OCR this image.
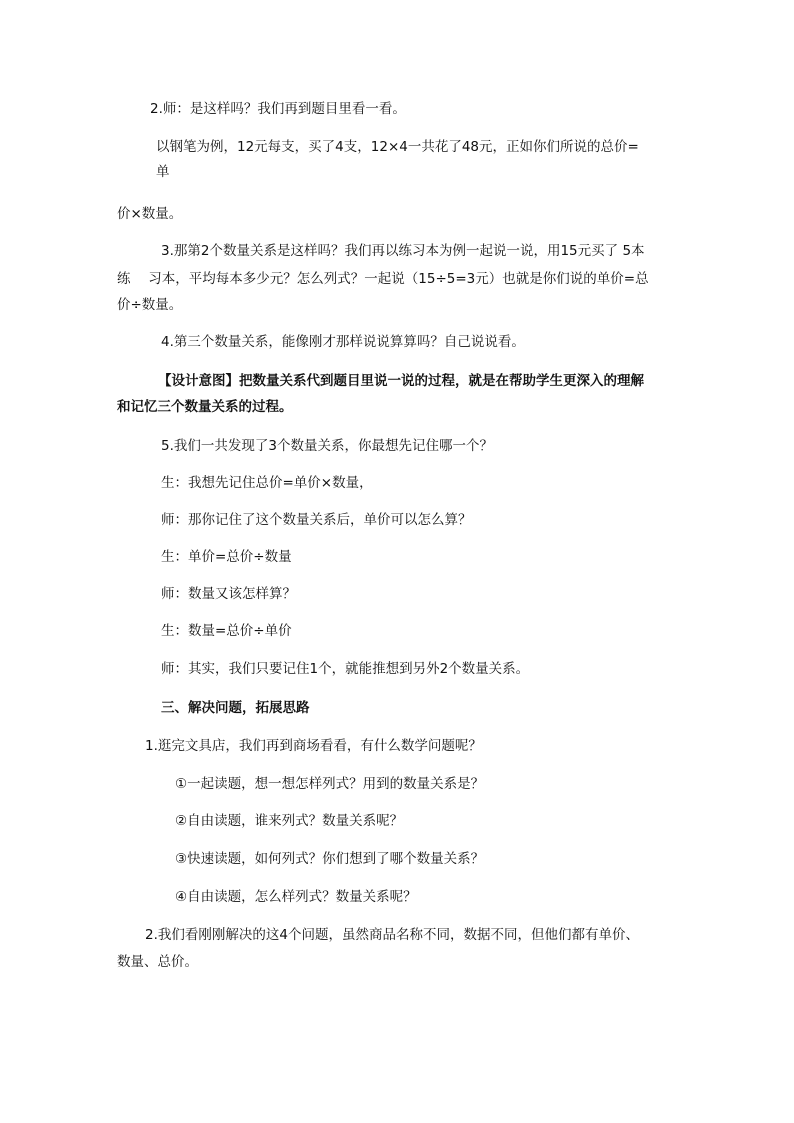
2.师：是这样吗？我们再到题目里看一看。
以钢笔为例，12元每支，买了4支，12×4一共花了48元，正如你们所说的总价=
单
价×数量。
3.那第2个数量关系是这样吗？我们再以练习本为例一起说一说，用15元买了 5本
练　 习本，平均每本多少元？怎么列式？一起说（15÷5=3元）也就是你们说的单价=总
价÷数量。
4.第三个数量关系，能像刚才那样说说算算吗？自己说说看。
【设计意图】把数量关系代到题目里说一说的过程，就是在帮助学生更深入的理解
和记忆三个数量关系的过程。
5.我们一共发现了3个数量关系，你最想先记住哪一个？
生：我想先记住总价=单价×数量，
师：那你记住了这个数量关系后，单价可以怎么算？
生：单价=总价÷数量
师：数量又该怎样算？
生：数量=总价÷单价
师：其实，我们只要记住1个，就能推想到另外2个数量关系。
三、解决问题，拓展思路
1.逛完文具店，我们再到商场看看，有什么数学问题呢？
①一起读题，想一想怎样列式？用到的数量关系是？
②自由读题，谁来列式？数量关系呢？
③快速读题，如何列式？你们想到了哪个数量关系？
④自由读题，怎么样列式？数量关系呢？
2.我们看刚刚解决的这4个问题，虽然商品名称不同，数据不同，但他们都有单价、
数量、总价。
